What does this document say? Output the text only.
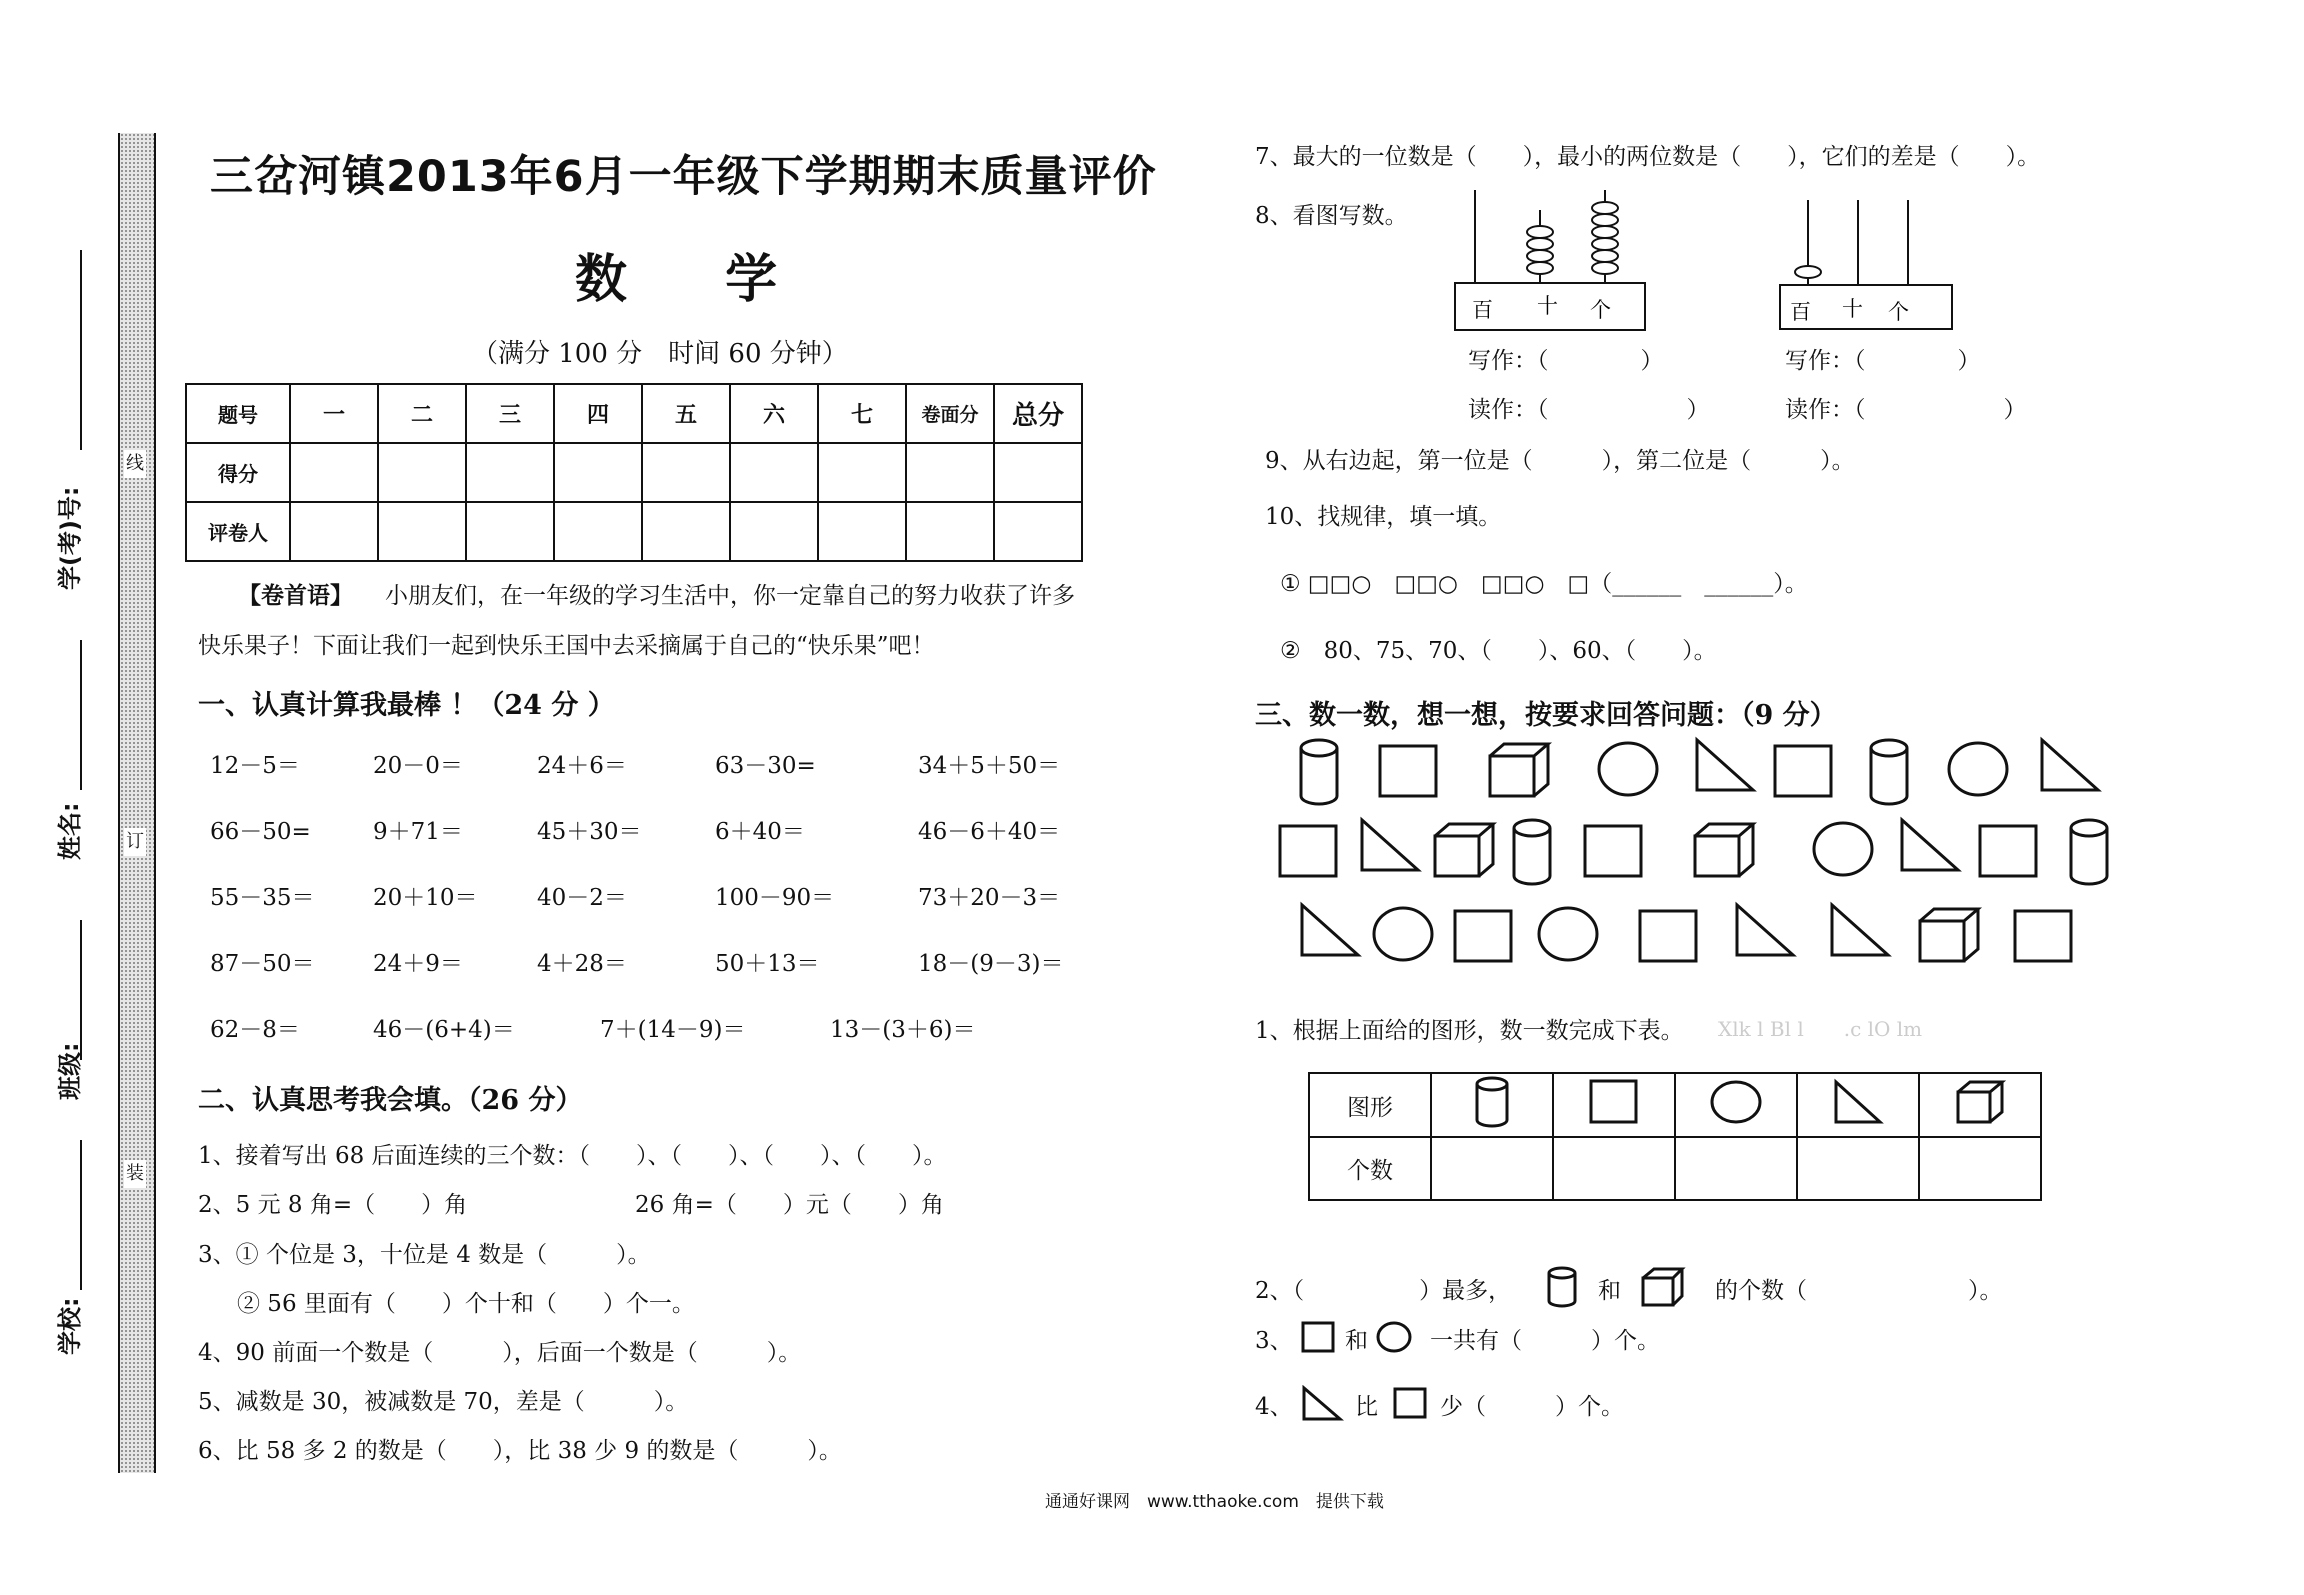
线
订
装
学(考)号:
姓名:
班级:
学校:
三岔河镇2013年6月一年级下学期期末质量评价
数 学
（满分 100 分　时间 60 分钟）
题号	一	二	三	四	五	六	七	卷面分	总分
得分									
评卷人									
【卷首语】 小朋友们，在一年级的学习生活中，你一定靠自己的努力收获了许多
快乐果子！下面让我们一起到快乐王国中去采摘属于自己的“快乐果”吧！
一、认真计算我最棒 ！（24 分 ）
12－5＝	20－0＝	24＋6＝	63－30=	34＋5＋50＝
66－50=	9＋71＝	45＋30＝	6＋40＝	46－6＋40＝
55－35＝	20＋10＝	40－2＝	100－90＝	73＋20－3＝
87－50＝	24＋9＝	4＋28＝	50＋13＝	18－(9－3)＝
62－8＝	46－(6+4)＝	7＋(14－9)＝	13－(3＋6)＝
二、认真思考我会填。（26 分）
1、接着写出 68 后面连续的三个数：（　　）、（　　）、（　　）、（　　）。
2、5 元 8 角=（　　）角	26 角=（　　）元（　　）角
3、① 个位是 3，十位是 4 数是（　　　）。
② 56 里面有（　　）个十和（　　）个一。
4、90 前面一个数是（　　　），后面一个数是（　　　）。
5、减数是 30，被减数是 70，差是（　　　）。
6、比 58 多 2 的数是（　　），比 38 少 9 的数是（　　　）。
7、最大的一位数是（　　），最小的两位数是（　　），它们的差是（　　）。
8、看图写数。
百 十 个	百 十 个
写作：（　　　　）
读作：（　　　　　　）
写作：（　　　　）
读作：（　　　　　　）
9、从右边起，第一位是（　　　），第二位是（　　　）。
10、找规律，填一填。
① □□○　□□○　□□○　□（______　______）。
②　80、75、70、（　　）、60、（　　）。
三、数一数，想一想，按要求回答问题：（9 分）
1、根据上面给的图形，数一数完成下表。 Xlk l Bl l　　.c lO lm
图形					
个数					
2、（　　　　　）最多，	和	的个数（　　　　　　　）。
3、 和	一共有（　　　）个。
4、	比	少（　　　）个。
通通好课网　www.tthaoke.com　提供下载
